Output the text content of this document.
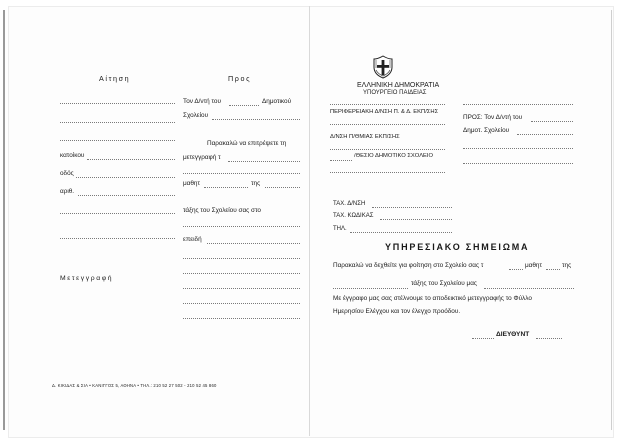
Αίτηση	Προς
κατοίκου
οδός
αριθ.
Μετεγγραφή
Τον Δ/ντή του	Δημοτικού
Σχολείου
Παρακαλώ να επιτρέψετε τη
μετεγγραφή τ
μαθητ	της
τάξης του Σχολείου σας στο
επειδή
Δ. ΚΙΚΙΔΑΣ & ΣΙΑ • ΚΑΝΙΓΓΟΣ 5, ΑΘΗΝΑ • ΤΗΛ.: 210 52 27 502 - 210 52 45 860
ΕΛΛΗΝΙΚΗ ΔΗΜΟΚΡΑΤΙΑ
ΥΠΟΥΡΓΕΙΟ ΠΑΙΔΕΙΑΣ
ΠΕΡΙΦΕΡΕΙΑΚΗ Δ/ΝΣΗ Π. & Δ. ΕΚΠ/ΣΗΣ
Δ/ΝΣΗ Π/ΘΜΙΑΣ ΕΚΠ/ΣΗΣ
/ΘΕΣΙΟ ΔΗΜΟΤΙΚΟ ΣΧΟΛΕΙΟ
ΠΡΟΣ: Τον Δ/ντή του
Δημοτ. Σχολείου
ΤΑΧ. Δ/ΝΣΗ
ΤΑΧ. ΚΩΔΙΚΑΣ
ΤΗΛ.
ΥΠΗΡΕΣΙΑΚΟ ΣΗΜΕΙΩΜΑ
Παρακαλώ να δεχθείτε για φοίτηση στο Σχολείο σας τ	μαθητ	της
τάξης του Σχολείου μας
Με έγγραφο μας σας στέλνουμε το αποδεικτικό μετεγγραφής το Φύλλο
Ημερησίου Ελέγχου και τον έλεγχο προόδου.
ΔΙΕΥΘΥΝΤ
